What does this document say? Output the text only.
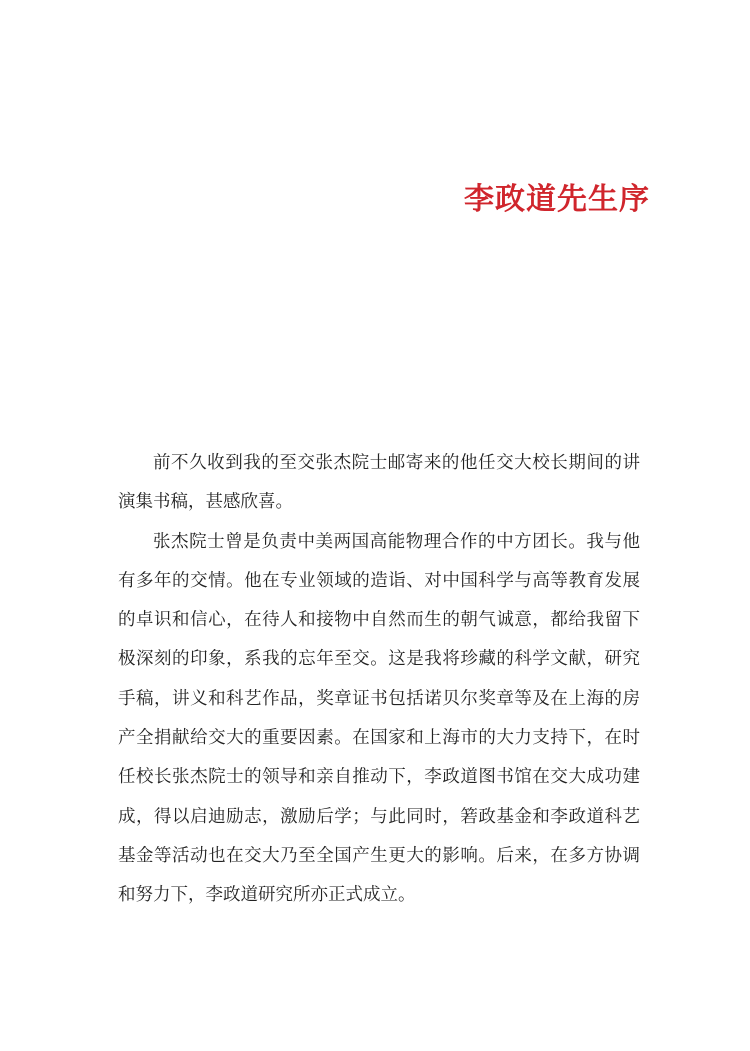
李政道先生序

前不久收到我的至交张杰院士邮寄来的他任交大校长期间的讲演集书稿，甚感欣喜。

张杰院士曾是负责中美两国高能物理合作的中方团长。我与他有多年的交情。他在专业领域的造诣、对中国科学与高等教育发展的卓识和信心，在待人和接物中自然而生的朝气诚意，都给我留下极深刻的印象，系我的忘年至交。这是我将珍藏的科学文献，研究手稿，讲义和科艺作品，奖章证书包括诺贝尔奖章等及在上海的房产全捐献给交大的重要因素。在国家和上海市的大力支持下，在时任校长张杰院士的领导和亲自推动下，李政道图书馆在交大成功建成，得以启迪励志，激励后学；与此同时，箬政基金和李政道科艺基金等活动也在交大乃至全国产生更大的影响。后来，在多方协调和努力下，李政道研究所亦正式成立。
